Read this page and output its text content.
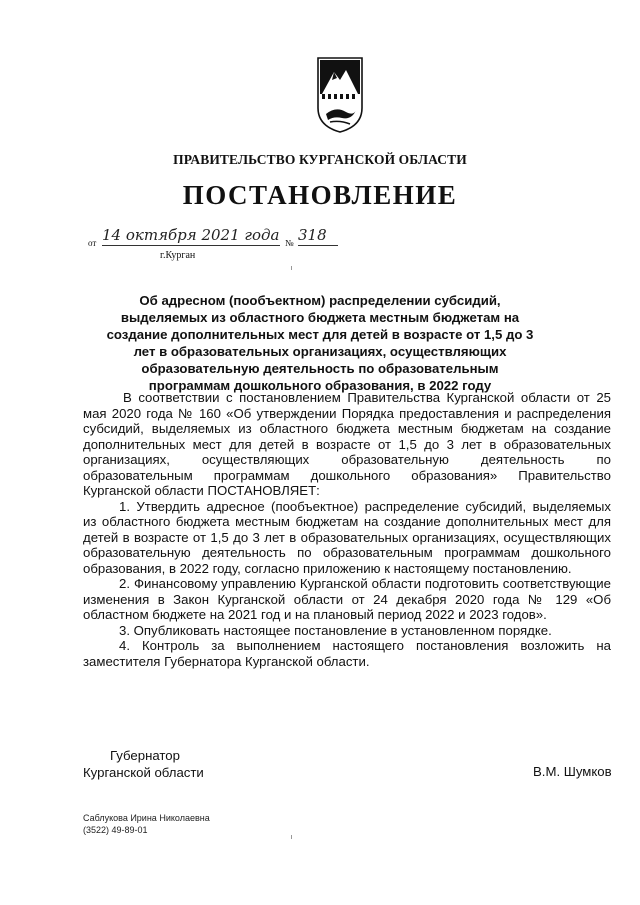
ПРАВИТЕЛЬСТВО КУРГАНСКОЙ ОБЛАСТИ
ПОСТАНОВЛЕНИЕ
от 14 октября 2021 года № 318
г.Курган
Об адресном (пообъектном) распределении субсидий, выделяемых из областного бюджета местным бюджетам на создание дополнительных мест для детей в возрасте от 1,5 до 3 лет в образовательных организациях, осуществляющих образовательную деятельность по образовательным программам дошкольного образования, в 2022 году

В соответствии с постановлением Правительства Курганской области от 25 мая 2020 года № 160 «Об утверждении Порядка предоставления и распределения субсидий, выделяемых из областного бюджета местным бюджетам на создание дополнительных мест для детей в возрасте от 1,5 до 3 лет в образовательных организациях, осуществляющих образовательную деятельность по образовательным программам дошкольного образования» Правительство Курганской области ПОСТАНОВЛЯЕТ:

1. Утвердить адресное (пообъектное) распределение субсидий, выделяемых из областного бюджета местным бюджетам на создание дополнительных мест для детей в возрасте от 1,5 до 3 лет в образовательных организациях, осуществляющих образовательную деятельность по образовательным программам дошкольного образования, в 2022 году, согласно приложению к настоящему постановлению.

2. Финансовому управлению Курганской области подготовить соответствующие изменения в Закон Курганской области от 24 декабря 2020 года № 129 «Об областном бюджете на 2021 год и на плановый период 2022 и 2023 годов».

3. Опубликовать настоящее постановление в установленном порядке.

4. Контроль за выполнением настоящего постановления возложить на заместителя Губернатора Курганской области.

Губернатор
Курганской области	В.М. Шумков
Саблукова Ирина Николаевна
(3522) 49-89-01
